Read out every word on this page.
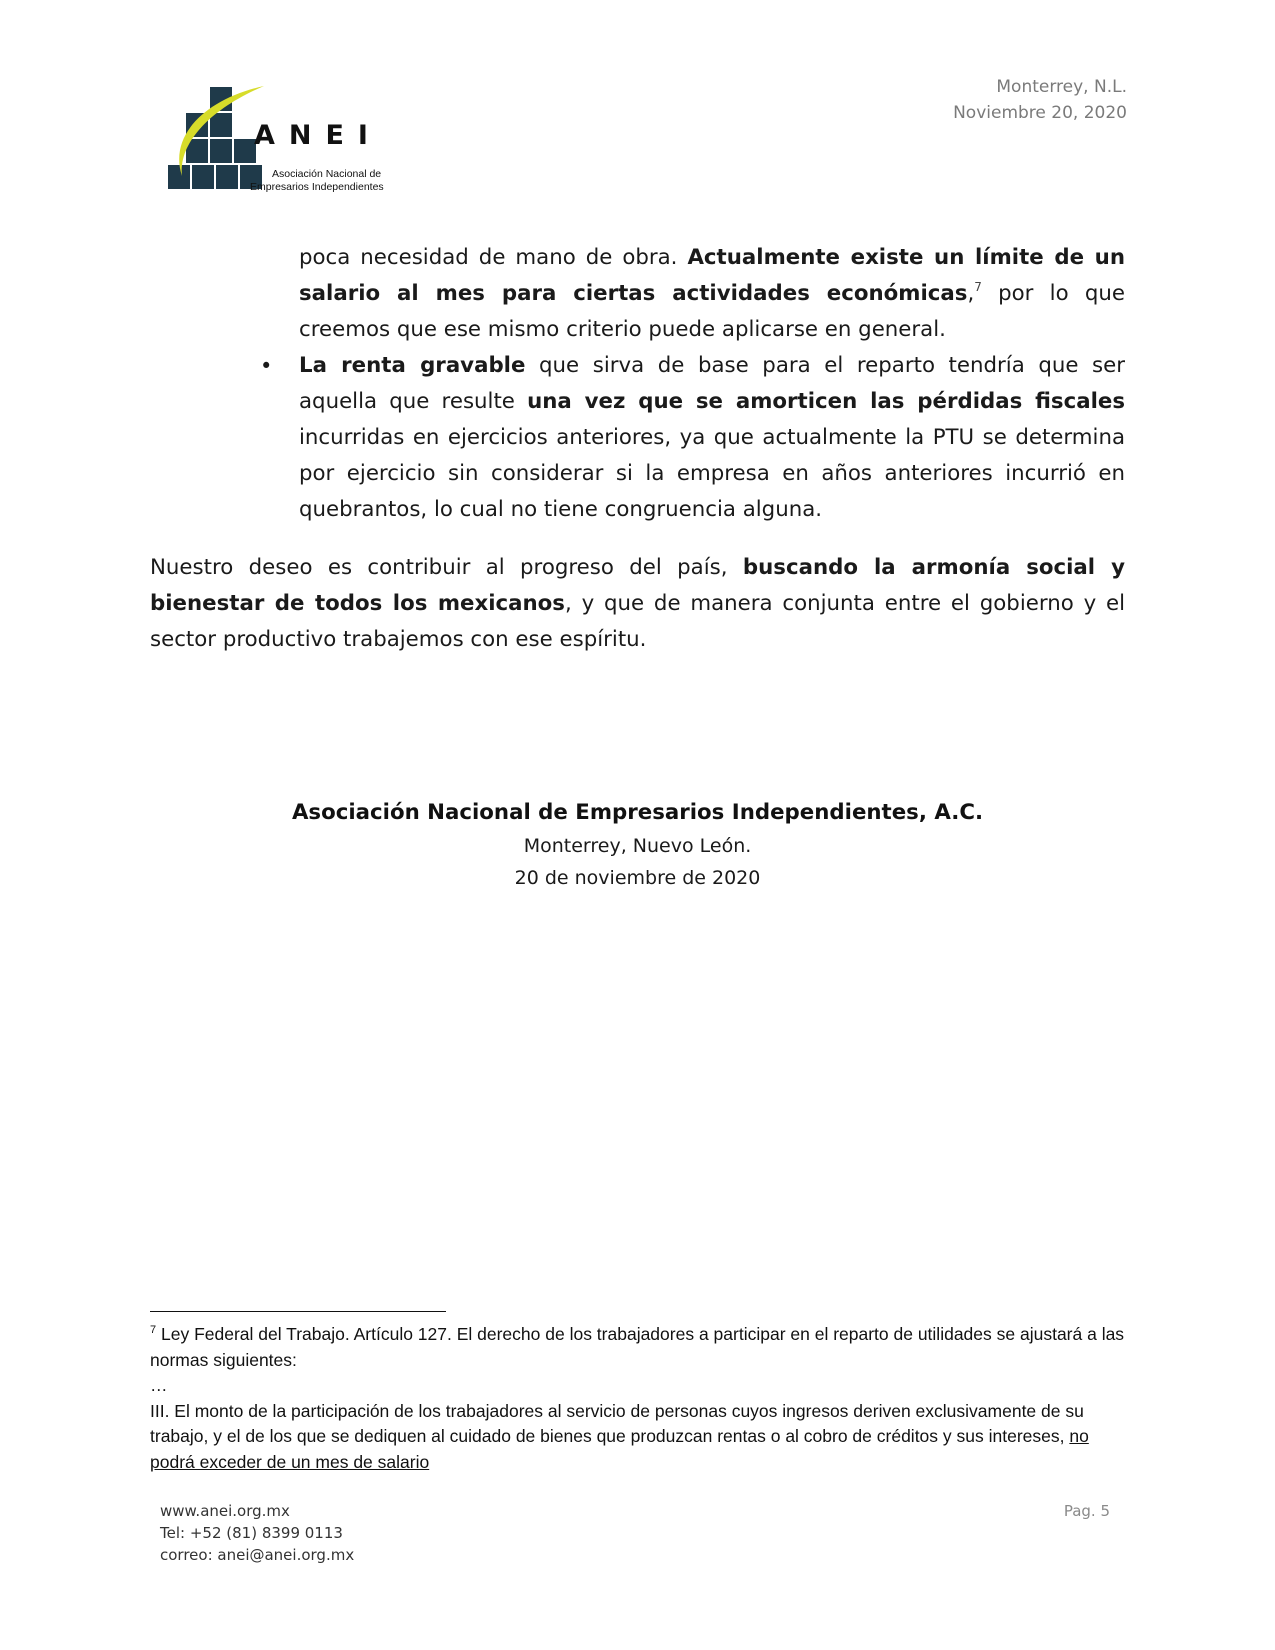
ANEI
Asociación Nacional de
Empresarios Independientes
Monterrey, N.L.
Noviembre 20, 2020
poca necesidad de mano de obra. Actualmente existe un límite de un salario al mes para ciertas actividades económicas,$^7$ por lo que creemos que ese mismo criterio puede aplicarse en general.
• La renta gravable que sirva de base para el reparto tendría que ser aquella que resulte una vez que se amorticen las pérdidas fiscales incurridas en ejercicios anteriores, ya que actualmente la PTU se determina por ejercicio sin considerar si la empresa en años anteriores incurrió en quebrantos, lo cual no tiene congruencia alguna.
Nuestro deseo es contribuir al progreso del país, buscando la armonía social y bienestar de todos los mexicanos, y que de manera conjunta entre el gobierno y el sector productivo trabajemos con ese espíritu.
Asociación Nacional de Empresarios Independientes, A.C.
Monterrey, Nuevo León.
20 de noviembre de 2020
$^7$ Ley Federal del Trabajo. Artículo 127. El derecho de los trabajadores a participar en el reparto de utilidades se ajustará a las normas siguientes:
…
III. El monto de la participación de los trabajadores al servicio de personas cuyos ingresos deriven exclusivamente de su trabajo, y el de los que se dediquen al cuidado de bienes que produzcan rentas o al cobro de créditos y sus intereses, no podrá exceder de un mes de salario
www.anei.org.mx
Tel: +52 (81) 8399 0113
correo: anei@anei.org.mx
Pag. 5
